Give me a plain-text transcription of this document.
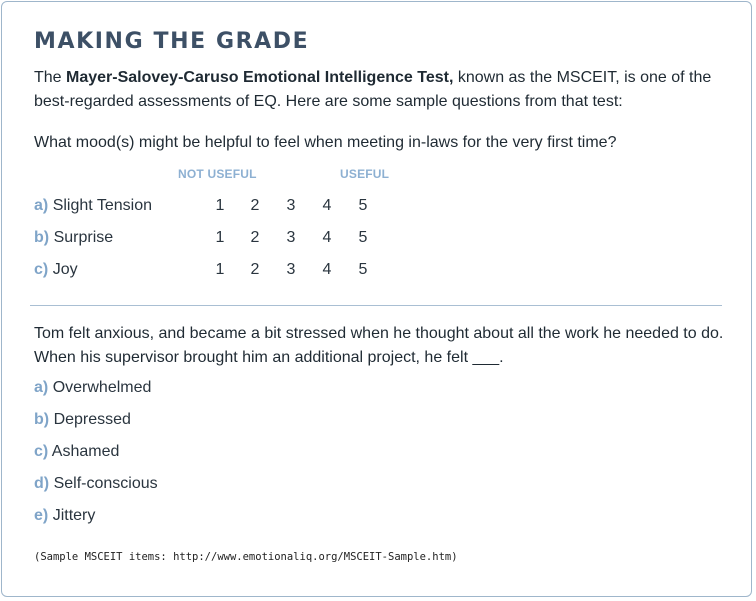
MAKING THE GRADE
The Mayer-Salovey-Caruso Emotional Intelligence Test, known as the MSCEIT, is one of the best-regarded assessments of EQ. Here are some sample questions from that test:
What mood(s) might be helpful to feel when meeting in-laws for the very first time?
NOT USEFUL	USEFUL
a) Slight Tension	1 2 3 4 5
b) Surprise	1 2 3 4 5
c) Joy	1 2 3 4 5
Tom felt anxious, and became a bit stressed when he thought about all the work he needed to do.
When his supervisor brought him an additional project, he felt ___.
a) Overwhelmed
b) Depressed
c) Ashamed
d) Self-conscious
e) Jittery
(Sample MSCEIT items: http://www.emotionaliq.org/MSCEIT-Sample.htm)
